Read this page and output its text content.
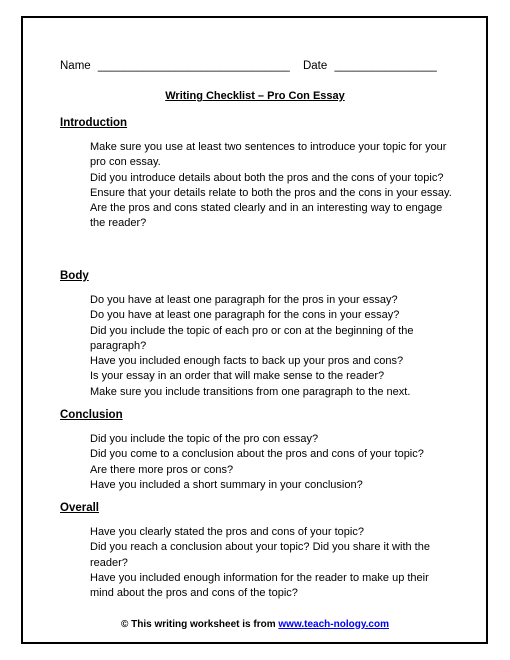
Name ______________________________ Date ________________
Writing Checklist – Pro Con Essay
Introduction
Make sure you use at least two sentences to introduce your topic for your pro con essay.
Did you introduce details about both the pros and the cons of your topic?
Ensure that your details relate to both the pros and the cons in your essay.
Are the pros and cons stated clearly and in an interesting way to engage the reader?
Body
Do you have at least one paragraph for the pros in your essay?
Do you have at least one paragraph for the cons in your essay?
Did you include the topic of each pro or con at the beginning of the paragraph?
Have you included enough facts to back up your pros and cons?
Is your essay in an order that will make sense to the reader?
Make sure you include transitions from one paragraph to the next.
Conclusion
Did you include the topic of the pro con essay?
Did you come to a conclusion about the pros and cons of your topic?
Are there more pros or cons?
Have you included a short summary in your conclusion?
Overall
Have you clearly stated the pros and cons of your topic?
Did you reach a conclusion about your topic? Did you share it with the reader?
Have you included enough information for the reader to make up their mind about the pros and cons of the topic?
© This writing worksheet is from www.teach-nology.com
